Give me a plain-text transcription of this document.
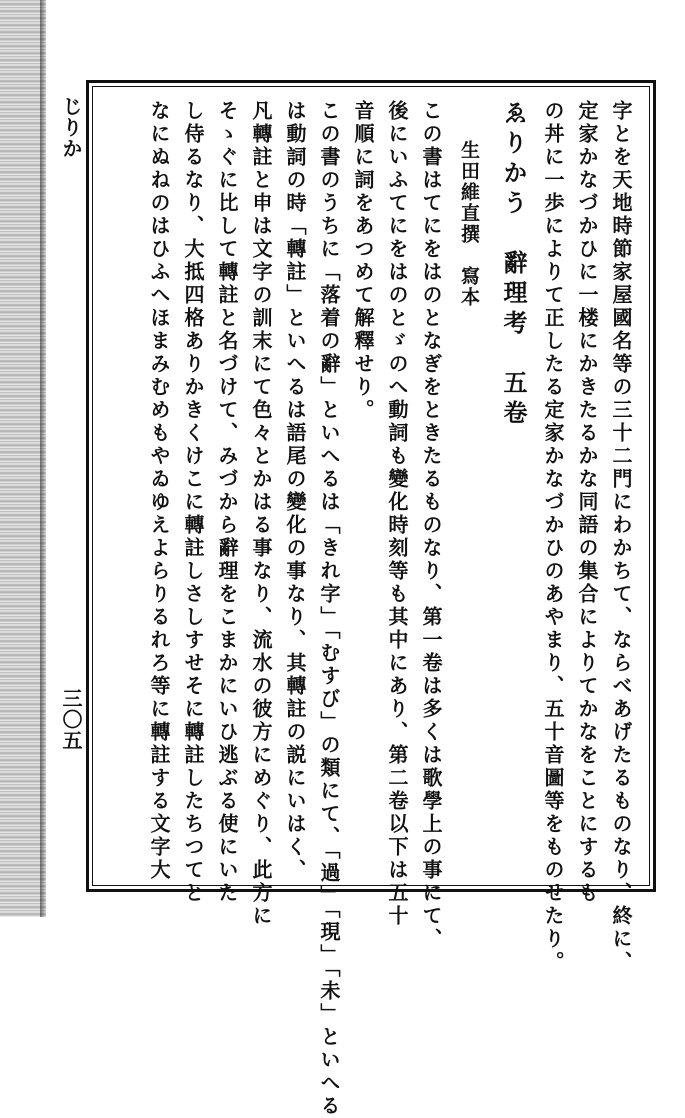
じりか
三〇五	字とを天地時節家屋國名等の三十二門にわかちて、ならべあげたるものなり、終に、
定家かなづかひに一楼にかきたるかな同語の集合によりてかなをことにするも
の丼に一歩によりて正したる定家かなづかひのあやまり、五十音圖等をものせたり。
ゑりかう　辭理考　五卷
生田維直撰　寫本
この書はてにをはのとなぎをときたるものなり、第一卷は多くは歌學上の事にて、
後にいふてにをはのとゞのへ動詞も變化時刻等も其中にあり、第二卷以下は五十
音順に詞をあつめて解釋せり。
この書のうちに「落着の辭」といへるは「きれ字」「むすび」の類にて、「過」「現」「未」といへる
は動詞の時「轉註」といへるは語尾の變化の事なり、其轉註の説にいはく、
凡轉註と申は文字の訓末にて色々とかはる事なり、流水の彼方にめぐり、此方に
そゝぐに比して轉註と名づけて、みづから辭理をこまかにいひ逃ぶる使にいた
し侍るなり、大抵四格ありかきくけこに轉註しさしすせそに轉註したちつてと
なにぬねのはひふへほまみむめもやゐゆえよらりるれろ等に轉註する文字大
